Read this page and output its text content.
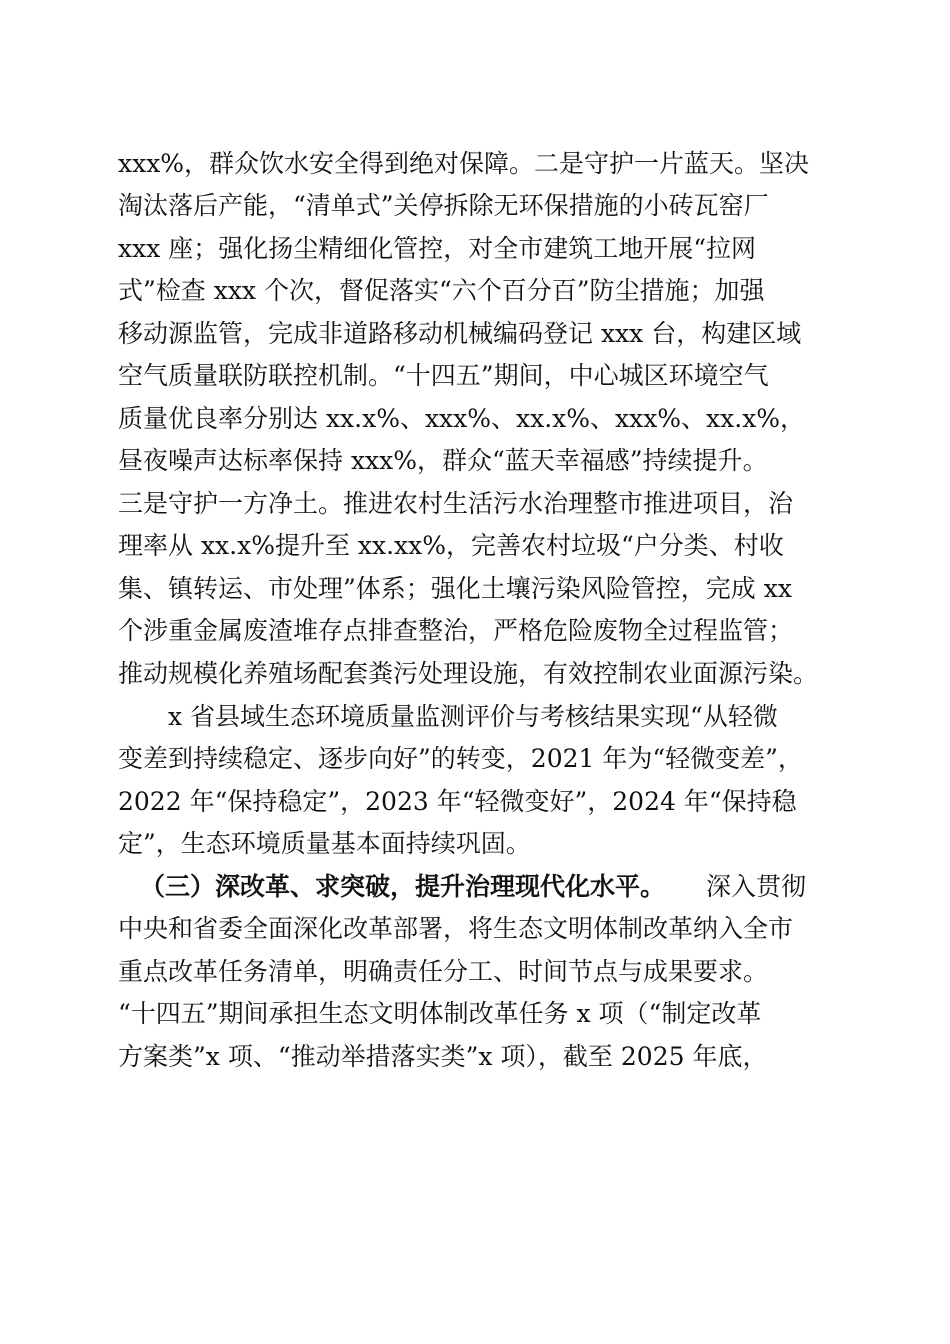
xxx%，群众饮水安全得到绝对保障。二是守护一片蓝天。坚决
淘汰落后产能，“清单式”关停拆除无环保措施的小砖瓦窑厂
xxx 座；强化扬尘精细化管控，对全市建筑工地开展“拉网
式”检查 xxx 个次，督促落实“六个百分百”防尘措施；加强
移动源监管，完成非道路移动机械编码登记 xxx 台，构建区域
空气质量联防联控机制。“十四五”期间，中心城区环境空气
质量优良率分别达 xx.x%、xxx%、xx.x%、xxx%、xx.x%，
昼夜噪声达标率保持 xxx%，群众“蓝天幸福感”持续提升。
三是守护一方净土。推进农村生活污水治理整市推进项目，治
理率从 xx.x%提升至 xx.xx%，完善农村垃圾“户分类、村收
集、镇转运、市处理”体系；强化土壤污染风险管控，完成 xx
个涉重金属废渣堆存点排查整治，严格危险废物全过程监管；
推动规模化养殖场配套粪污处理设施，有效控制农业面源污染。
x 省县域生态环境质量监测评价与考核结果实现“从轻微
变差到持续稳定、逐步向好”的转变，2021 年为“轻微变差”，
2022 年“保持稳定”，2023 年“轻微变好”，2024 年“保持稳
定”，生态环境质量基本面持续巩固。
（三）深改革、求突破，提升治理现代化水平。 深入贯彻
中央和省委全面深化改革部署，将生态文明体制改革纳入全市
重点改革任务清单，明确责任分工、时间节点与成果要求。
“十四五”期间承担生态文明体制改革任务 x 项（“制定改革
方案类”x 项、“推动举措落实类”x 项），截至 2025 年底，
